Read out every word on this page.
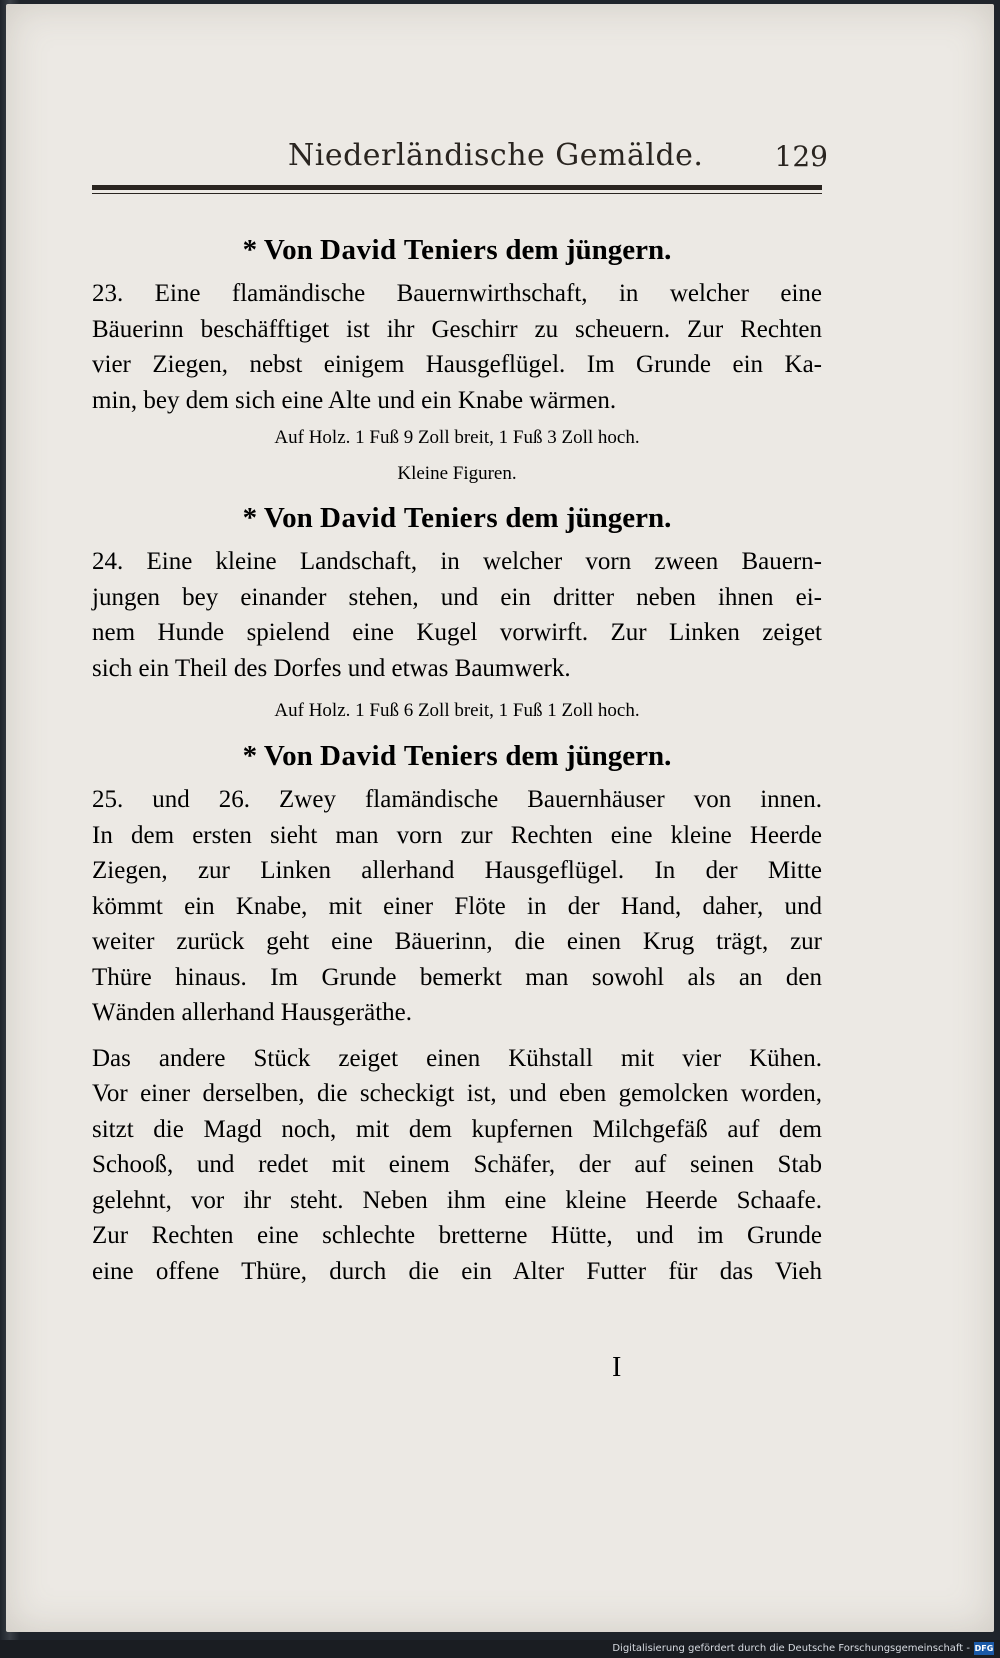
Niederländische Gemälde.	129
* Von David Teniers dem jüngern.

23. Eine flamändische Bauernwirthschaft, in welcher eine
Bäuerinn beschäfftiget ist ihr Geschirr zu scheuern. Zur Rechten
vier Ziegen, nebst einigem Hausgeflügel. Im Grunde ein Ka-
min, bey dem sich eine Alte und ein Knabe wärmen.

Auf Holz. 1 Fuß 9 Zoll breit, 1 Fuß 3 Zoll hoch.
Kleine Figuren.

* Von David Teniers dem jüngern.

24. Eine kleine Landschaft, in welcher vorn zween Bauern-
jungen bey einander stehen, und ein dritter neben ihnen ei-
nem Hunde spielend eine Kugel vorwirft. Zur Linken zeiget
sich ein Theil des Dorfes und etwas Baumwerk.

Auf Holz. 1 Fuß 6 Zoll breit, 1 Fuß 1 Zoll hoch.

* Von David Teniers dem jüngern.

25. und 26. Zwey flamändische Bauernhäuser von innen.
In dem ersten sieht man vorn zur Rechten eine kleine Heerde
Ziegen, zur Linken allerhand Hausgeflügel. In der Mitte
kömmt ein Knabe, mit einer Flöte in der Hand, daher, und
weiter zurück geht eine Bäuerinn, die einen Krug trägt, zur
Thüre hinaus. Im Grunde bemerkt man sowohl als an den
Wänden allerhand Hausgeräthe.

Das andere Stück zeiget einen Kühstall mit vier Kühen.
Vor einer derselben, die scheckigt ist, und eben gemolcken worden,
sitzt die Magd noch, mit dem kupfernen Milchgefäß auf dem
Schooß, und redet mit einem Schäfer, der auf seinen Stab
gelehnt, vor ihr steht. Neben ihm eine kleine Heerde Schaafe.
Zur Rechten eine schlechte bretterne Hütte, und im Grunde
eine offene Thüre, durch die ein Alter Futter für das Vieh

I
Digitalisierung gefördert durch die Deutsche Forschungsgemeinschaft - DFG
